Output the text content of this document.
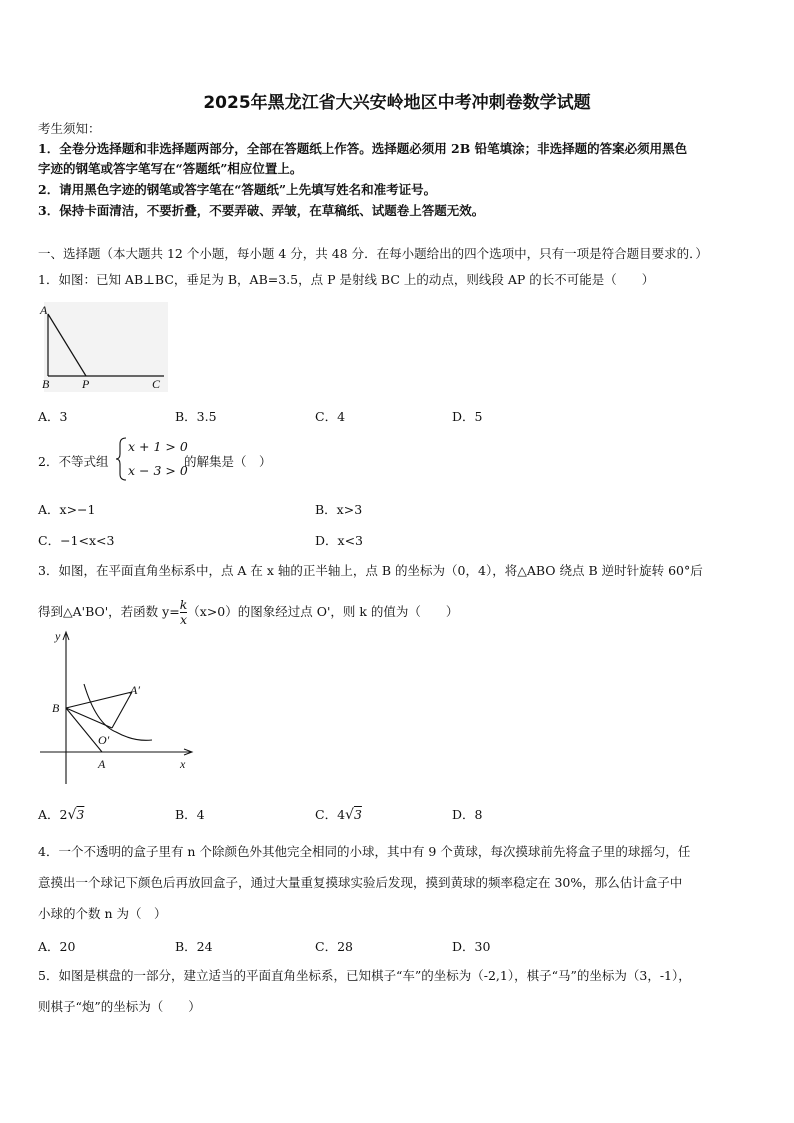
2025年黑龙江省大兴安岭地区中考冲刺卷数学试题
考生须知：
1．全卷分选择题和非选择题两部分，全部在答题纸上作答。选择题必须用 2B 铅笔填涂；非选择题的答案必须用黑色
字迹的钢笔或答字笔写在“答题纸”相应位置上。
2．请用黑色字迹的钢笔或答字笔在“答题纸”上先填写姓名和准考证号。
3．保持卡面清洁，不要折叠，不要弄破、弄皱，在草稿纸、试题卷上答题无效。
一、选择题（本大题共 12 个小题，每小题 4 分，共 48 分．在每小题给出的四个选项中，只有一项是符合题目要求的．）
1．如图：已知 AB⊥BC，垂足为 B，AB=3.5，点 P 是射线 BC 上的动点，则线段 AP 的长不可能是（　　）
A
B	P	C
A．3	B．3.5	C．4	D．5
2．不等式组
x + 1 > 0
x − 3 > 0
的解集是（　）
A．x>−1	B．x>3
C．−1<x<3	D．x<3
3．如图，在平面直角坐标系中，点 A 在 x 轴的正半轴上，点 B 的坐标为（0，4），将△ABO 绕点 B 逆时针旋转 60°后
得到△A'BO'，若函数 $y= \frac{k}{x} (x>0)$的图象经过点 O'，则 k 的值为（　　）
y
x
B
A
A′
O′
A．2√3	B．4	C．4√3	D．8
4．一个不透明的盒子里有 n 个除颜色外其他完全相同的小球，其中有 9 个黄球，每次摸球前先将盒子里的球摇匀，任
意摸出一个球记下颜色后再放回盒子，通过大量重复摸球实验后发现，摸到黄球的频率稳定在 30%，那么估计盒子中
小球的个数 n 为（　）
A．20	B．24	C．28	D．30
5．如图是棋盘的一部分，建立适当的平面直角坐标系，已知棋子“车”的坐标为（-2,1），棋子“马”的坐标为（3，-1），
则棋子“炮”的坐标为（　　）
